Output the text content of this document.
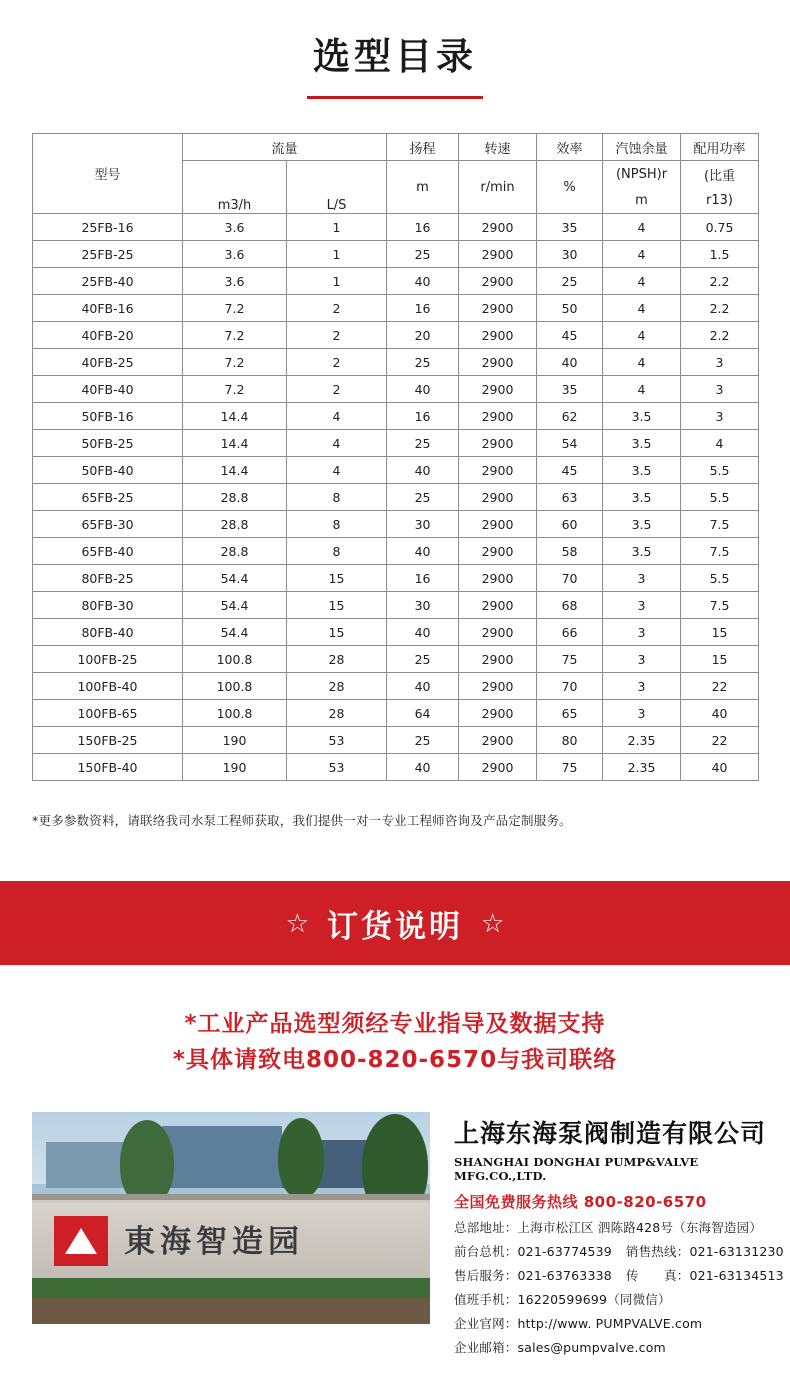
选型目录
型号	流量		扬程	转速	效率	汽蚀余量	配用功率
	m3/h	L/S	m	r/min	%	(NPSH)r	(比重
						m	r13)
25FB-16	3.6	1	16	2900	35	4	0.75
25FB-25	3.6	1	25	2900	30	4	1.5
25FB-40	3.6	1	40	2900	25	4	2.2
40FB-16	7.2	2	16	2900	50	4	2.2
40FB-20	7.2	2	20	2900	45	4	2.2
40FB-25	7.2	2	25	2900	40	4	3
40FB-40	7.2	2	40	2900	35	4	3
50FB-16	14.4	4	16	2900	62	3.5	3
50FB-25	14.4	4	25	2900	54	3.5	4
50FB-40	14.4	4	40	2900	45	3.5	5.5
65FB-25	28.8	8	25	2900	63	3.5	5.5
65FB-30	28.8	8	30	2900	60	3.5	7.5
65FB-40	28.8	8	40	2900	58	3.5	7.5
80FB-25	54.4	15	16	2900	70	3	5.5
80FB-30	54.4	15	30	2900	68	3	7.5
80FB-40	54.4	15	40	2900	66	3	15
100FB-25	100.8	28	25	2900	75	3	15
100FB-40	100.8	28	40	2900	70	3	22
100FB-65	100.8	28	64	2900	65	3	40
150FB-25	190	53	25	2900	80	2.35	22
150FB-40	190	53	40	2900	75	2.35	40
*更多参数资料，请联络我司水泵工程师获取，我们提供一对一专业工程师咨询及产品定制服务。
☆ 订货说明 ☆
*工业产品选型须经专业指导及数据支持
*具体请致电800-820-6570与我司联络
東海智造园
上海东海泵阀制造有限公司
SHANGHAI DONGHAI PUMP&VALVE MFG.CO.,LTD.
全国免费服务热线 800-820-6570
总部地址：上海市松江区 泗陈路428号（东海智造园）
前台总机：021-63774539 销售热线：021-63131230
售后服务：021-63763338 传　　真：021-63134513
值班手机：16220599699（同微信）
企业官网：http://www. PUMPVALVE.com
企业邮箱：sales@pumpvalve.com
